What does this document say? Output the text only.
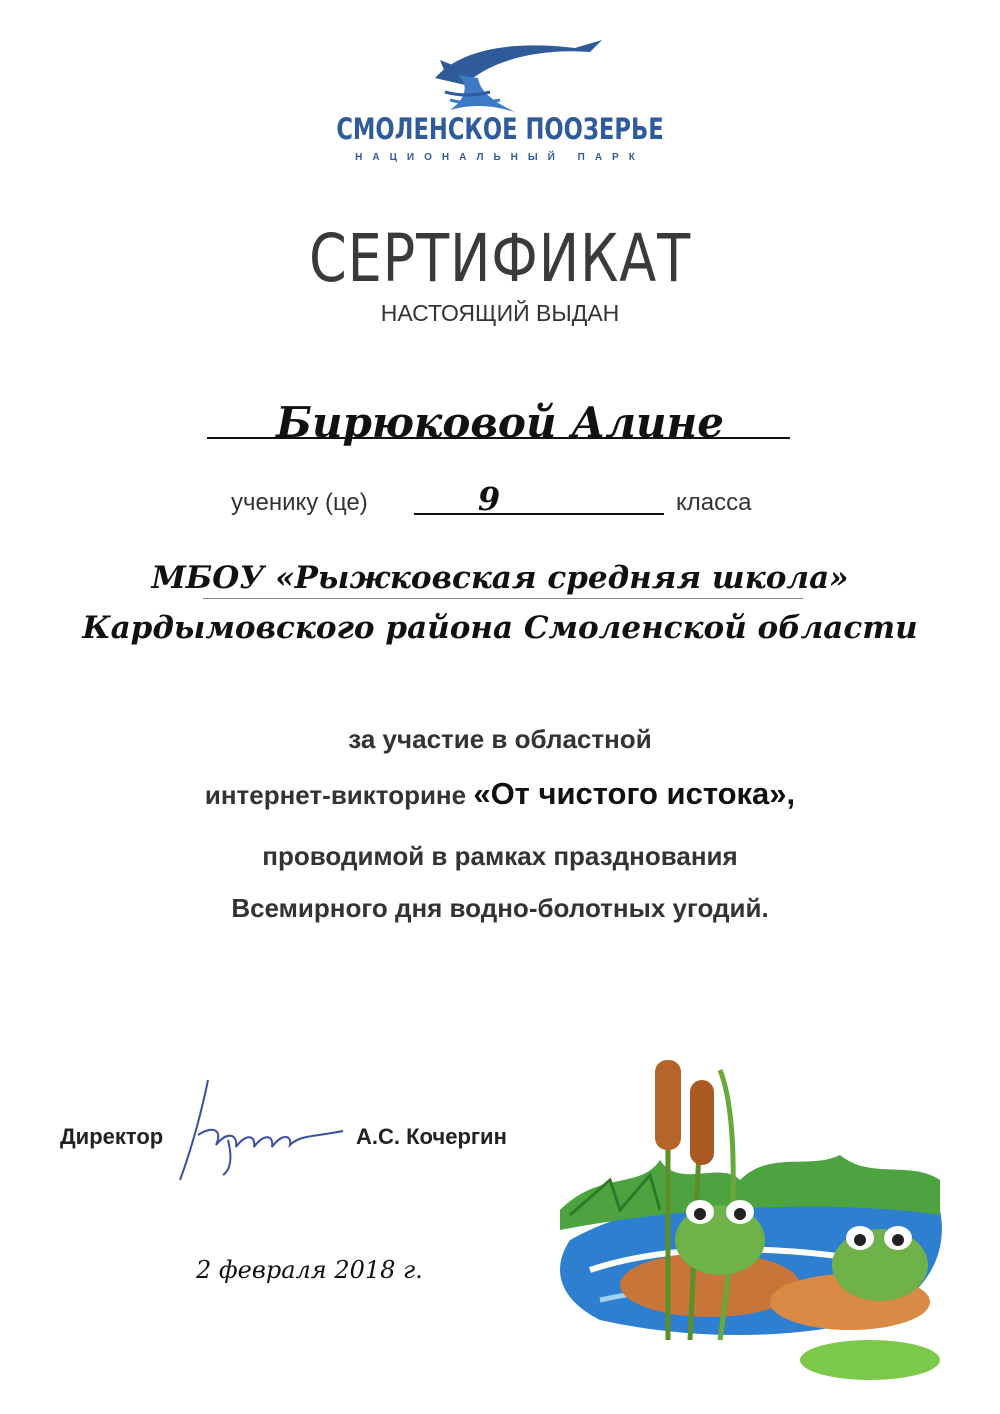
СМОЛЕНСКОЕ ПООЗЕРЬЕ
НАЦИОНАЛЬНЫЙ ПАРК
СЕРТИФИКАТ
НАСТОЯЩИЙ ВЫДАН
Бирюковой Алине
ученику (це)	9	класса
МБОУ «Рыжковская средняя школа»
Кардымовского района Смоленской области
за участие в областной
интернет-викторине «От чистого истока»,
проводимой в рамках празднования
Всемирного дня водно-болотных угодий.
Директор	А.С. Кочергин
2 февраля 2018 г.
